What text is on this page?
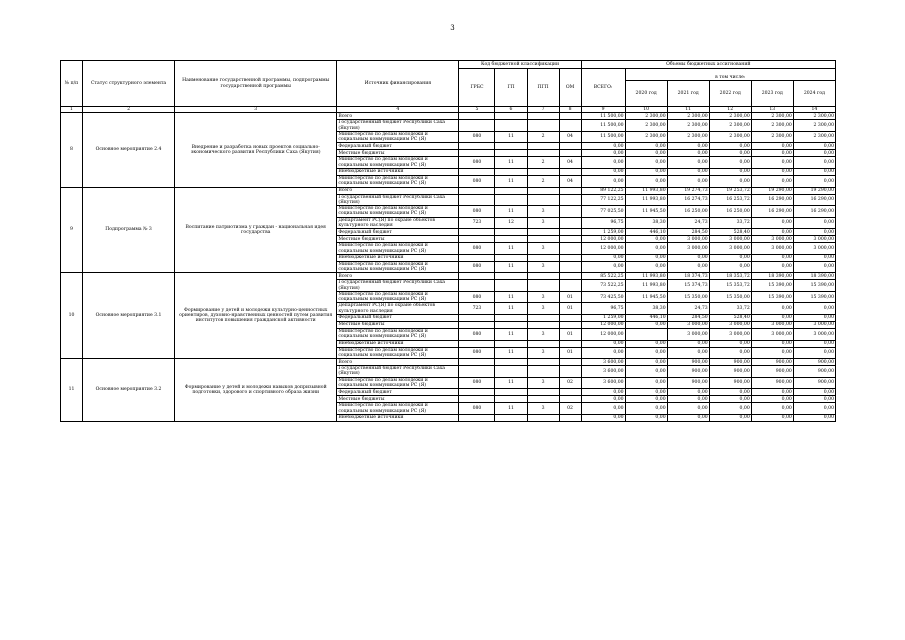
3
№ п/п	Статус структурного элемента	Наименование государственной программы, подпрограммы государственной программы	Источник финансирования	Код бюджетной классификации				Объемы бюджетных ассигнований					
				ГРБС	ГП	ПГП	ОМ	ВСЕГО:					
									в том числе:				
									2020 год	2021 год	2022 год	2023 год	2024 год
1	2	3	4	5	6	7	8	9	10	11	12	13	14
8	Основное мероприятие 2.4	Внедрение и разработка новых проектов социально-экономического развития Республики Саха (Якутия)	Всего					11 500,00	2 300,00	2 300,00	2 300,00	2 300,00	2 300,00
			Государственный бюджет Республики Саха (Якутия)					11 500,00	2 300,00	2 300,00	2 300,00	2 300,00	2 300,00
			Министерство по делам молодежи и социальным коммуникациям РС (Я)	080	11	2	04	11 500,00	2 300,00	2 300,00	2 300,00	2 300,00	2 300,00
			Федеральный бюджет					0,00	0,00	0,00	0,00	0,00	0,00
			Местные бюджеты					0,00	0,00	0,00	0,00	0,00	0,00
			Министерство по делам молодежи и социальным коммуникациям РС (Я)	080	11	2	04	0,00	0,00	0,00	0,00	0,00	0,00
			Внебюджетные источники					0,00	0,00	0,00	0,00	0,00	0,00
			Министерство по делам молодежи и социальным коммуникациям РС (Я)	080	11	2	04	0,00	0,00	0,00	0,00	0,00	0,00
9	Подпрограмма № 3	Воспитание патриотизма у граждан - национальная идея государства	Всего					89 122,25	11 993,80	19 274,73	19 253,72	19 290,00	19 290,00
			Государственный бюджет Республики Саха (Якутия)					77 122,25	11 993,80	16 274,73	16 253,72	16 290,00	16 290,00
			Министерство по делам молодежи и социальным коммуникациям РС (Я)	080	11	3		77 025,50	11 945,50	16 250,00	16 250,00	16 290,00	16 290,00
			Департамент РС(Я) по охране объектов культурного наследия	723	12	3		96,75	38,30	24,73	33,72	0,00	0,00
			Федеральный бюджет					1 259,00	446,10	284,50	528,40	0,00	0,00
			Местные бюджеты					12 000,00	0,00	3 000,00	3 000,00	3 000,00	3 000,00
			Министерство по делам молодежи и социальным коммуникациям РС (Я)	080	11	3		12 000,00	0,00	3 000,00	3 000,00	3 000,00	3 000,00
			Внебюджетные источники					0,00	0,00	0,00	0,00	0,00	0,00
			Министерство по делам молодежи и социальным коммуникациям РС (Я)	080	11	3		0,00	0,00	0,00	0,00	0,00	0,00
10	Основное мероприятие 3.1	Формирование у детей и молодежи культурно-ценностных ориентиров, духовно-нравственных ценностей путем развития институтов повышения гражданской активности	Всего					85 522,25	11 993,80	18 374,73	18 353,72	18 390,00	18 390,00
			Государственный бюджет Республики Саха (Якутия)					73 522,25	11 993,80	15 374,73	15 353,72	15 390,00	15 390,00
			Министерство по делам молодежи и социальным коммуникациям РС (Я)	080	11	3	01	73 425,50	11 945,50	15 350,00	15 350,00	15 390,00	15 390,00
			Департамент РС(Я) по охране объектов культурного наследия	723	11	3	01	96,75	38,30	24,73	33,72	0,00	0,00
			Федеральный бюджет					1 259,00	446,10	284,50	528,40	0,00	0,00
			Местные бюджеты					12 000,00	0,00	3 000,00	3 000,00	3 000,00	3 000,00
			Министерство по делам молодежи и социальным коммуникациям РС (Я)	080	11	3	01	12 000,00		3 000,00	3 000,00	3 000,00	3 000,00
			Внебюджетные источники					0,00	0,00	0,00	0,00	0,00	0,00
			Министерство по делам молодежи и социальным коммуникациям РС (Я)	080	11	3	01	0,00	0,00	0,00	0,00	0,00	0,00
11	Основное мероприятие 3.2	Формирование у детей и молодежи навыков допризывной подготовки, здорового и спортивного образа жизни	Всего					3 600,00	0,00	900,00	900,00	900,00	900,00
			Государственный бюджет Республики Саха (Якутия)					3 600,00	0,00	900,00	900,00	900,00	900,00
			Министерство по делам молодежи и социальным коммуникациям РС (Я)	080	11	3	02	3 600,00	0,00	900,00	900,00	900,00	900,00
			Федеральный бюджет					0,00	0,00	0,00	0,00	0,00	0,00
			Местные бюджеты					0,00	0,00	0,00	0,00	0,00	0,00
			Министерство по делам молодежи и социальным коммуникациям РС (Я)	080	11	3	02	0,00	0,00	0,00	0,00	0,00	0,00
			Внебюджетные источники					0,00	0,00	0,00	0,00	0,00	0,00
